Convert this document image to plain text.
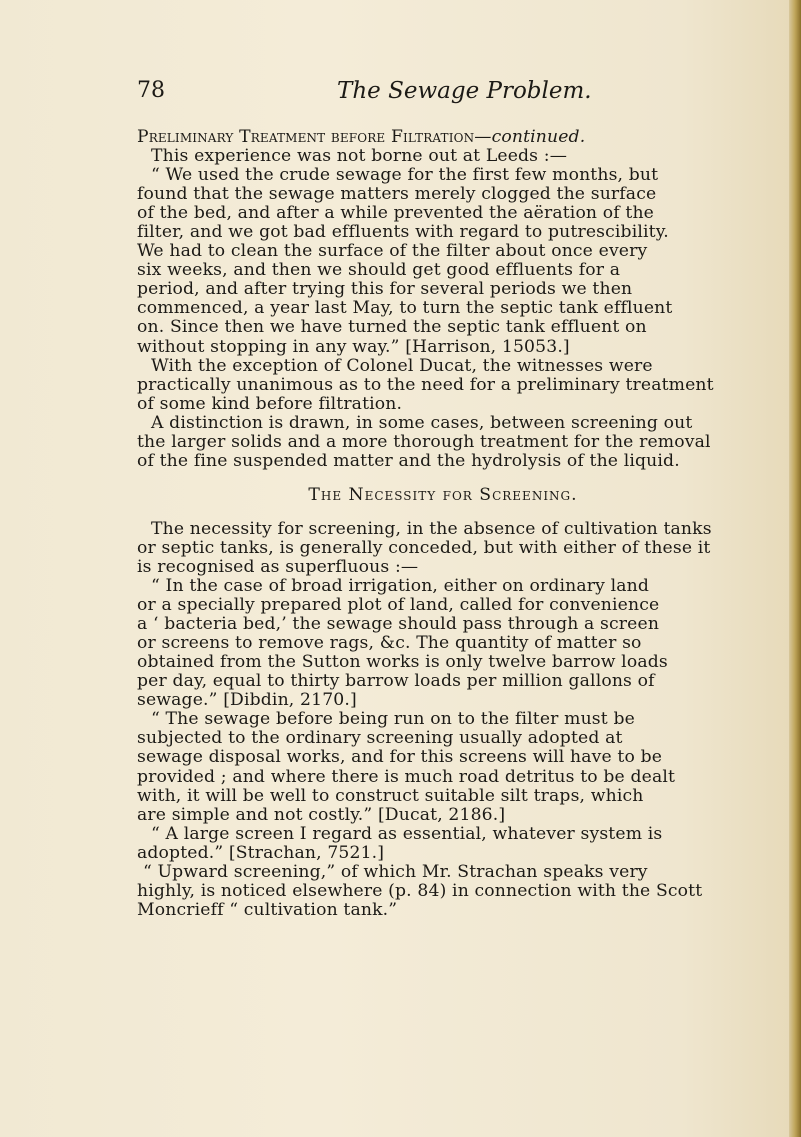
78	The Sewage Problem.
Preliminary Treatment before Filtration—continued.
This experience was not borne out at Leeds :—
“ We used the crude sewage for the first few months, but
found that the sewage matters merely clogged the surface
of the bed, and after a while prevented the aëration of the
filter, and we got bad effluents with regard to putrescibility.
We had to clean the surface of the filter about once every
six weeks, and then we should get good effluents for a
period, and after trying this for several periods we then
commenced, a year last May, to turn the septic tank effluent
on. Since then we have turned the septic tank effluent on
without stopping in any way.” [Harrison, 15053.]
With the exception of Colonel Ducat, the witnesses were
practically unanimous as to the need for a preliminary treatment
of some kind before filtration.
A distinction is drawn, in some cases, between screening out
the larger solids and a more thorough treatment for the removal
of the fine suspended matter and the hydrolysis of the liquid.
The Necessity for Screening.
The necessity for screening, in the absence of cultivation tanks
or septic tanks, is generally conceded, but with either of these it
is recognised as superfluous :—
“ In the case of broad irrigation, either on ordinary land
or a specially prepared plot of land, called for convenience
a ‘ bacteria bed,’ the sewage should pass through a screen
or screens to remove rags, &c. The quantity of matter so
obtained from the Sutton works is only twelve barrow loads
per day, equal to thirty barrow loads per million gallons of
sewage.” [Dibdin, 2170.]
“ The sewage before being run on to the filter must be
subjected to the ordinary screening usually adopted at
sewage disposal works, and for this screens will have to be
provided ; and where there is much road detritus to be dealt
with, it will be well to construct suitable silt traps, which
are simple and not costly.” [Ducat, 2186.]
“ A large screen I regard as essential, whatever system is
adopted.” [Strachan, 7521.]
“ Upward screening,” of which Mr. Strachan speaks very
highly, is noticed elsewhere (p. 84) in connection with the Scott
Moncrieff “ cultivation tank.”
